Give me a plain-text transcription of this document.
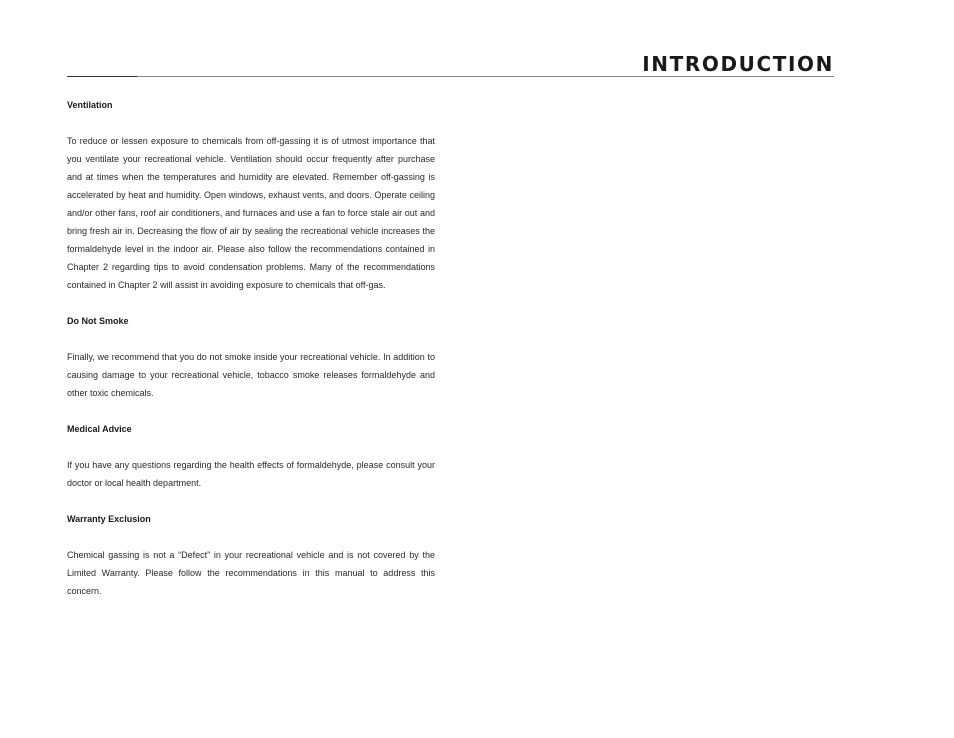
INTRODUCTION

Ventilation

To reduce or lessen exposure to chemicals from off-gassing it is of utmost importance that you ventilate your recreational vehicle. Ventilation should occur frequently after purchase and at times when the temperatures and humidity are elevated. Remember off-gassing is accelerated by heat and humidity. Open windows, exhaust vents, and doors. Operate ceiling and/or other fans, roof air conditioners, and furnaces and use a fan to force stale air out and bring fresh air in. Decreasing the flow of air by sealing the recreational vehicle increases the formaldehyde level in the indoor air. Please also follow the recommendations contained in Chapter 2 regarding tips to avoid condensation problems. Many of the recommendations contained in Chapter 2 will assist in avoiding exposure to chemicals that off-gas.

Do Not Smoke

Finally, we recommend that you do not smoke inside your recreational vehicle. In addition to causing damage to your recreational vehicle, tobacco smoke releases formaldehyde and other toxic chemicals.

Medical Advice

If you have any questions regarding the health effects of formaldehyde, please consult your doctor or local health department.

Warranty Exclusion

Chemical gassing is not a “Defect” in your recreational vehicle and is not covered by the Limited Warranty. Please follow the recommendations in this manual to address this concern.
